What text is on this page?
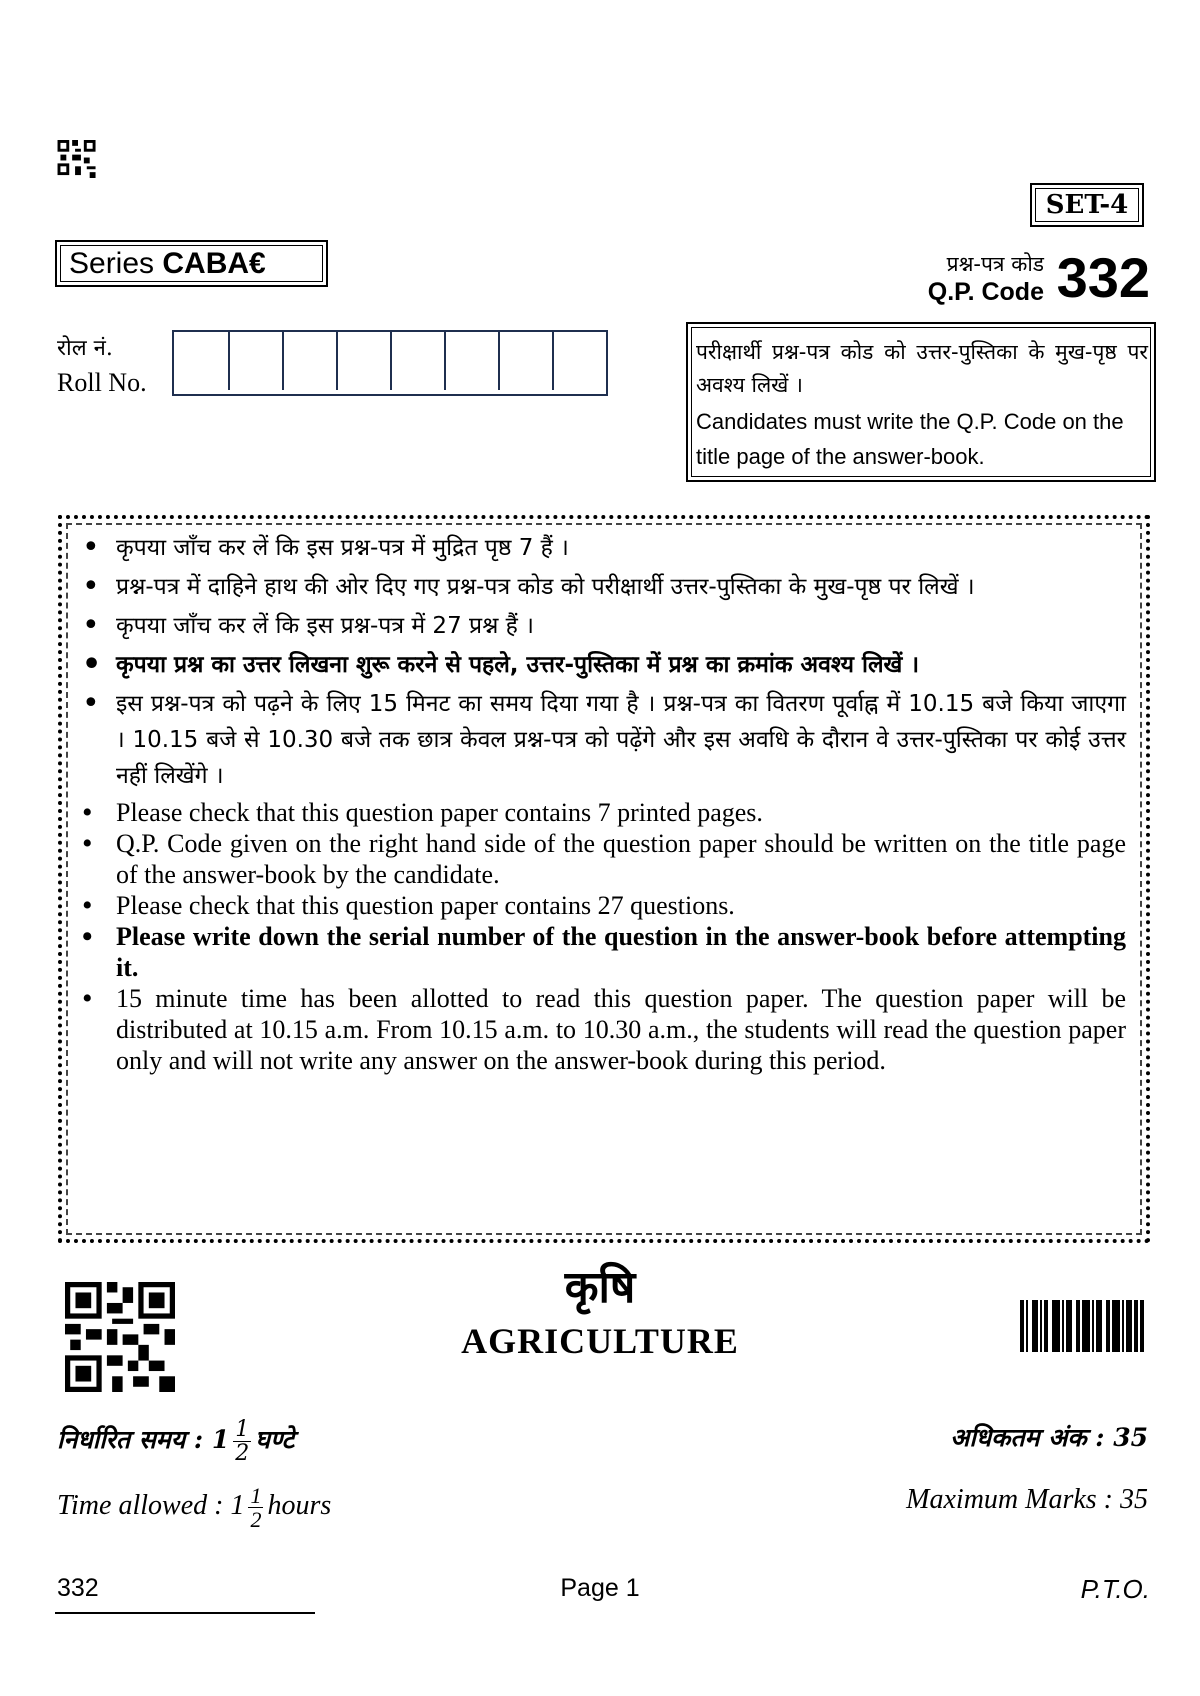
SET-4
Series CABA€	प्रश्न-पत्र कोड
Q.P. Code 332
रोल नं.
Roll No.
परीक्षार्थी प्रश्न-पत्र कोड को उत्तर-पुस्तिका के मुख-पृष्ठ पर अवश्य लिखें ।
Candidates must write the Q.P. Code on the title page of the answer-book.
• कृपया जाँच कर लें कि इस प्रश्न-पत्र में मुद्रित पृष्ठ 7 हैं ।
• प्रश्न-पत्र में दाहिने हाथ की ओर दिए गए प्रश्न-पत्र कोड को परीक्षार्थी उत्तर-पुस्तिका के मुख-पृष्ठ पर लिखें ।
• कृपया जाँच कर लें कि इस प्रश्न-पत्र में 27 प्रश्न हैं ।
• कृपया प्रश्न का उत्तर लिखना शुरू करने से पहले, उत्तर-पुस्तिका में प्रश्न का क्रमांक अवश्य लिखें ।
• इस प्रश्न-पत्र को पढ़ने के लिए 15 मिनट का समय दिया गया है । प्रश्न-पत्र का वितरण पूर्वाह्न में 10.15 बजे किया जाएगा । 10.15 बजे से 10.30 बजे तक छात्र केवल प्रश्न-पत्र को पढ़ेंगे और इस अवधि के दौरान वे उत्तर-पुस्तिका पर कोई उत्तर नहीं लिखेंगे ।
• Please check that this question paper contains 7 printed pages.
• Q.P. Code given on the right hand side of the question paper should be written on the title page of the answer-book by the candidate.
• Please check that this question paper contains 27 questions.
• Please write down the serial number of the question in the answer-book before attempting it.
• 15 minute time has been allotted to read this question paper. The question paper will be distributed at 10.15 a.m. From 10.15 a.m. to 10.30 a.m., the students will read the question paper only and will not write any answer on the answer-book during this period.
कृषि
AGRICULTURE
निर्धारित समय : $1 \frac{1}{2}$ घण्टे
Time allowed : $1 \frac{1}{2}$ hours
अधिकतम अंक : 35
Maximum Marks : 35
332	Page 1	P.T.O.
